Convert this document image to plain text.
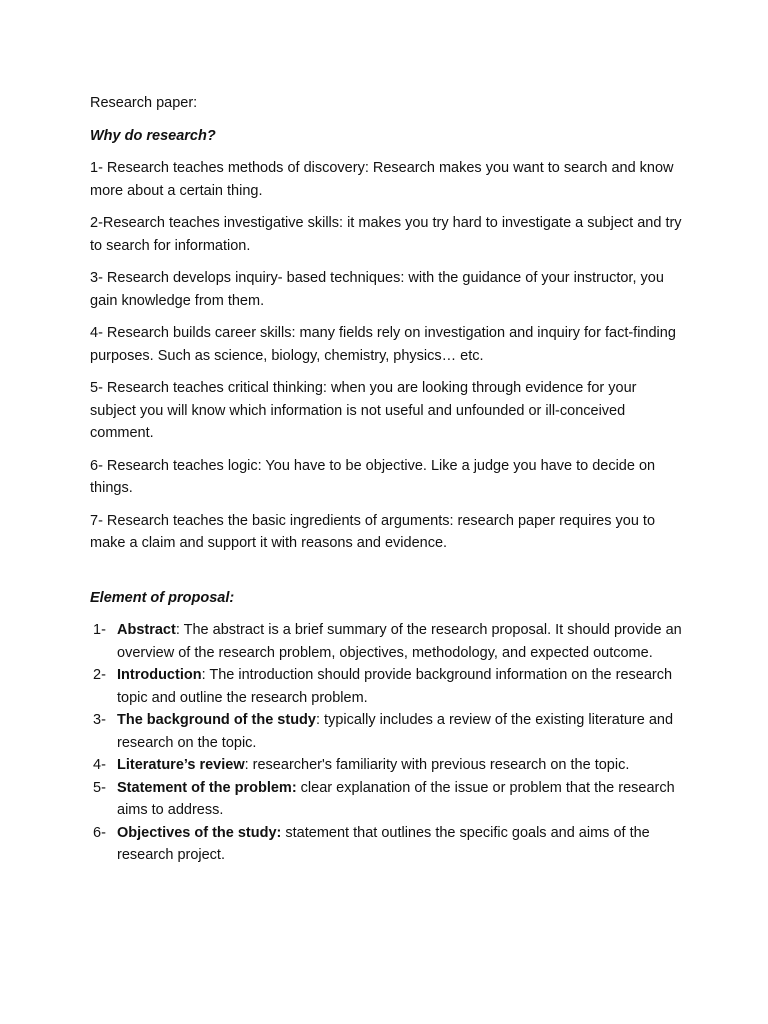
Research paper:

Why do research?

1- Research teaches methods of discovery: Research makes you want to search and know more about a certain thing.

2-Research teaches investigative skills: it makes you try hard to investigate a subject and try to search for information.

3- Research develops inquiry- based techniques: with the guidance of your instructor, you gain knowledge from them.

4- Research builds career skills: many fields rely on investigation and inquiry for fact-finding purposes. Such as science, biology, chemistry, physics… etc.

5- Research teaches critical thinking: when you are looking through evidence for your subject you will know which information is not useful and unfounded or ill-conceived comment.

6- Research teaches logic: You have to be objective. Like a judge you have to decide on things.

7- Research teaches the basic ingredients of arguments: research paper requires you to make a claim and support it with reasons and evidence.

Element of proposal:

1- Abstract: The abstract is a brief summary of the research proposal. It should provide an overview of the research problem, objectives, methodology, and expected outcome.
2- Introduction: The introduction should provide background information on the research topic and outline the research problem.
3- The background of the study: typically includes a review of the existing literature and research on the topic.
4- Literature’s review: researcher's familiarity with previous research on the topic.
5- Statement of the problem: clear explanation of the issue or problem that the research aims to address.
6- Objectives of the study: statement that outlines the specific goals and aims of the research project.
